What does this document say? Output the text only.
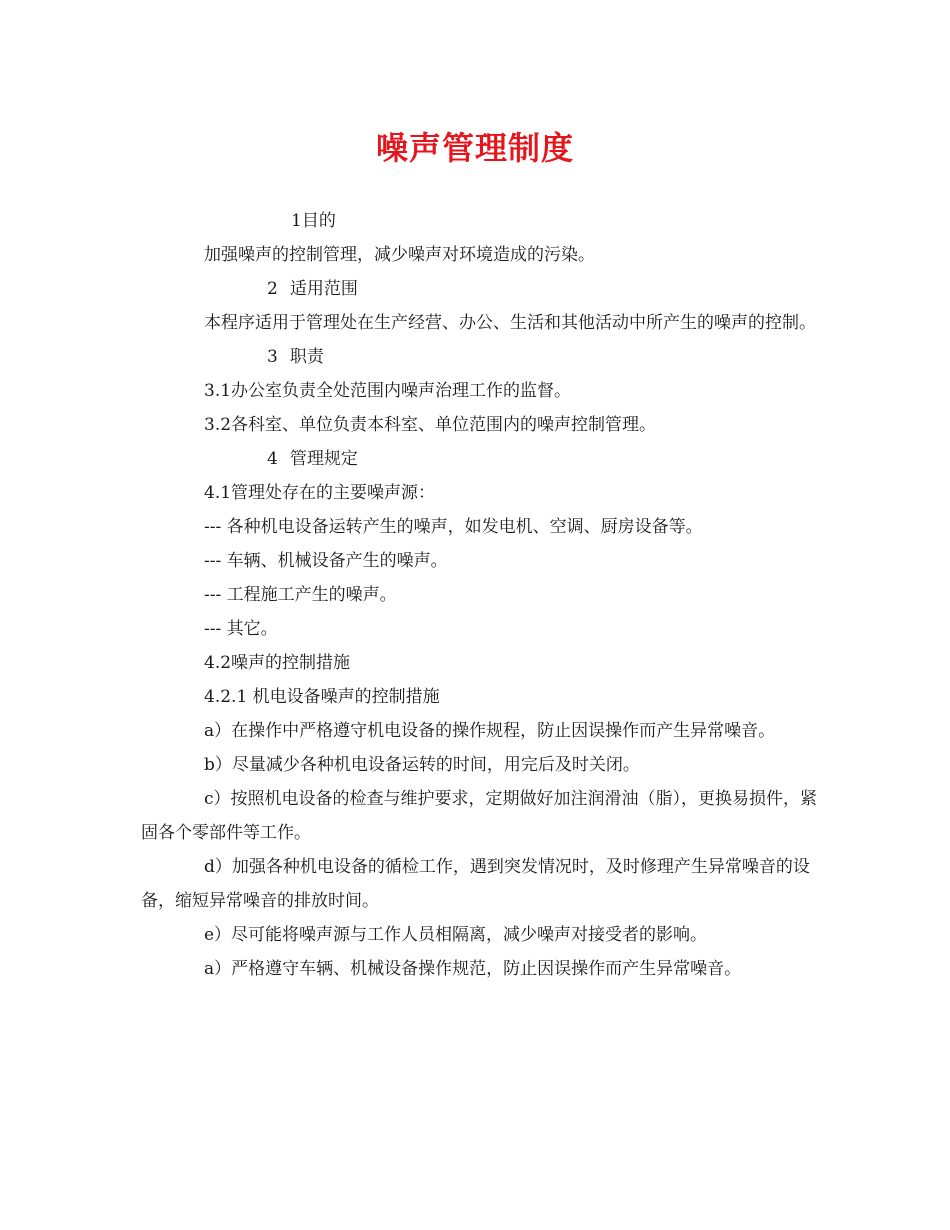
噪声管理制度

1目的

加强噪声的控制管理，减少噪声对环境造成的污染。

2 适用范围

本程序适用于管理处在生产经营、办公、生活和其他活动中所产生的噪声的控制。

3 职责

3.1办公室负责全处范围内噪声治理工作的监督。

3.2各科室、单位负责本科室、单位范围内的噪声控制管理。

4 管理规定

4.1管理处存在的主要噪声源：

--- 各种机电设备运转产生的噪声，如发电机、空调、厨房设备等。

--- 车辆、机械设备产生的噪声。

--- 工程施工产生的噪声。

--- 其它。

4.2噪声的控制措施

4.2.1 机电设备噪声的控制措施

a）在操作中严格遵守机电设备的操作规程，防止因误操作而产生异常噪音。

b）尽量减少各种机电设备运转的时间，用完后及时关闭。

c）按照机电设备的检查与维护要求，定期做好加注润滑油（脂），更换易损件，紧固各个零部件等工作。

d）加强各种机电设备的循检工作，遇到突发情况时，及时修理产生异常噪音的设备，缩短异常噪音的排放时间。

e）尽可能将噪声源与工作人员相隔离，减少噪声对接受者的影响。

a）严格遵守车辆、机械设备操作规范，防止因误操作而产生异常噪音。
